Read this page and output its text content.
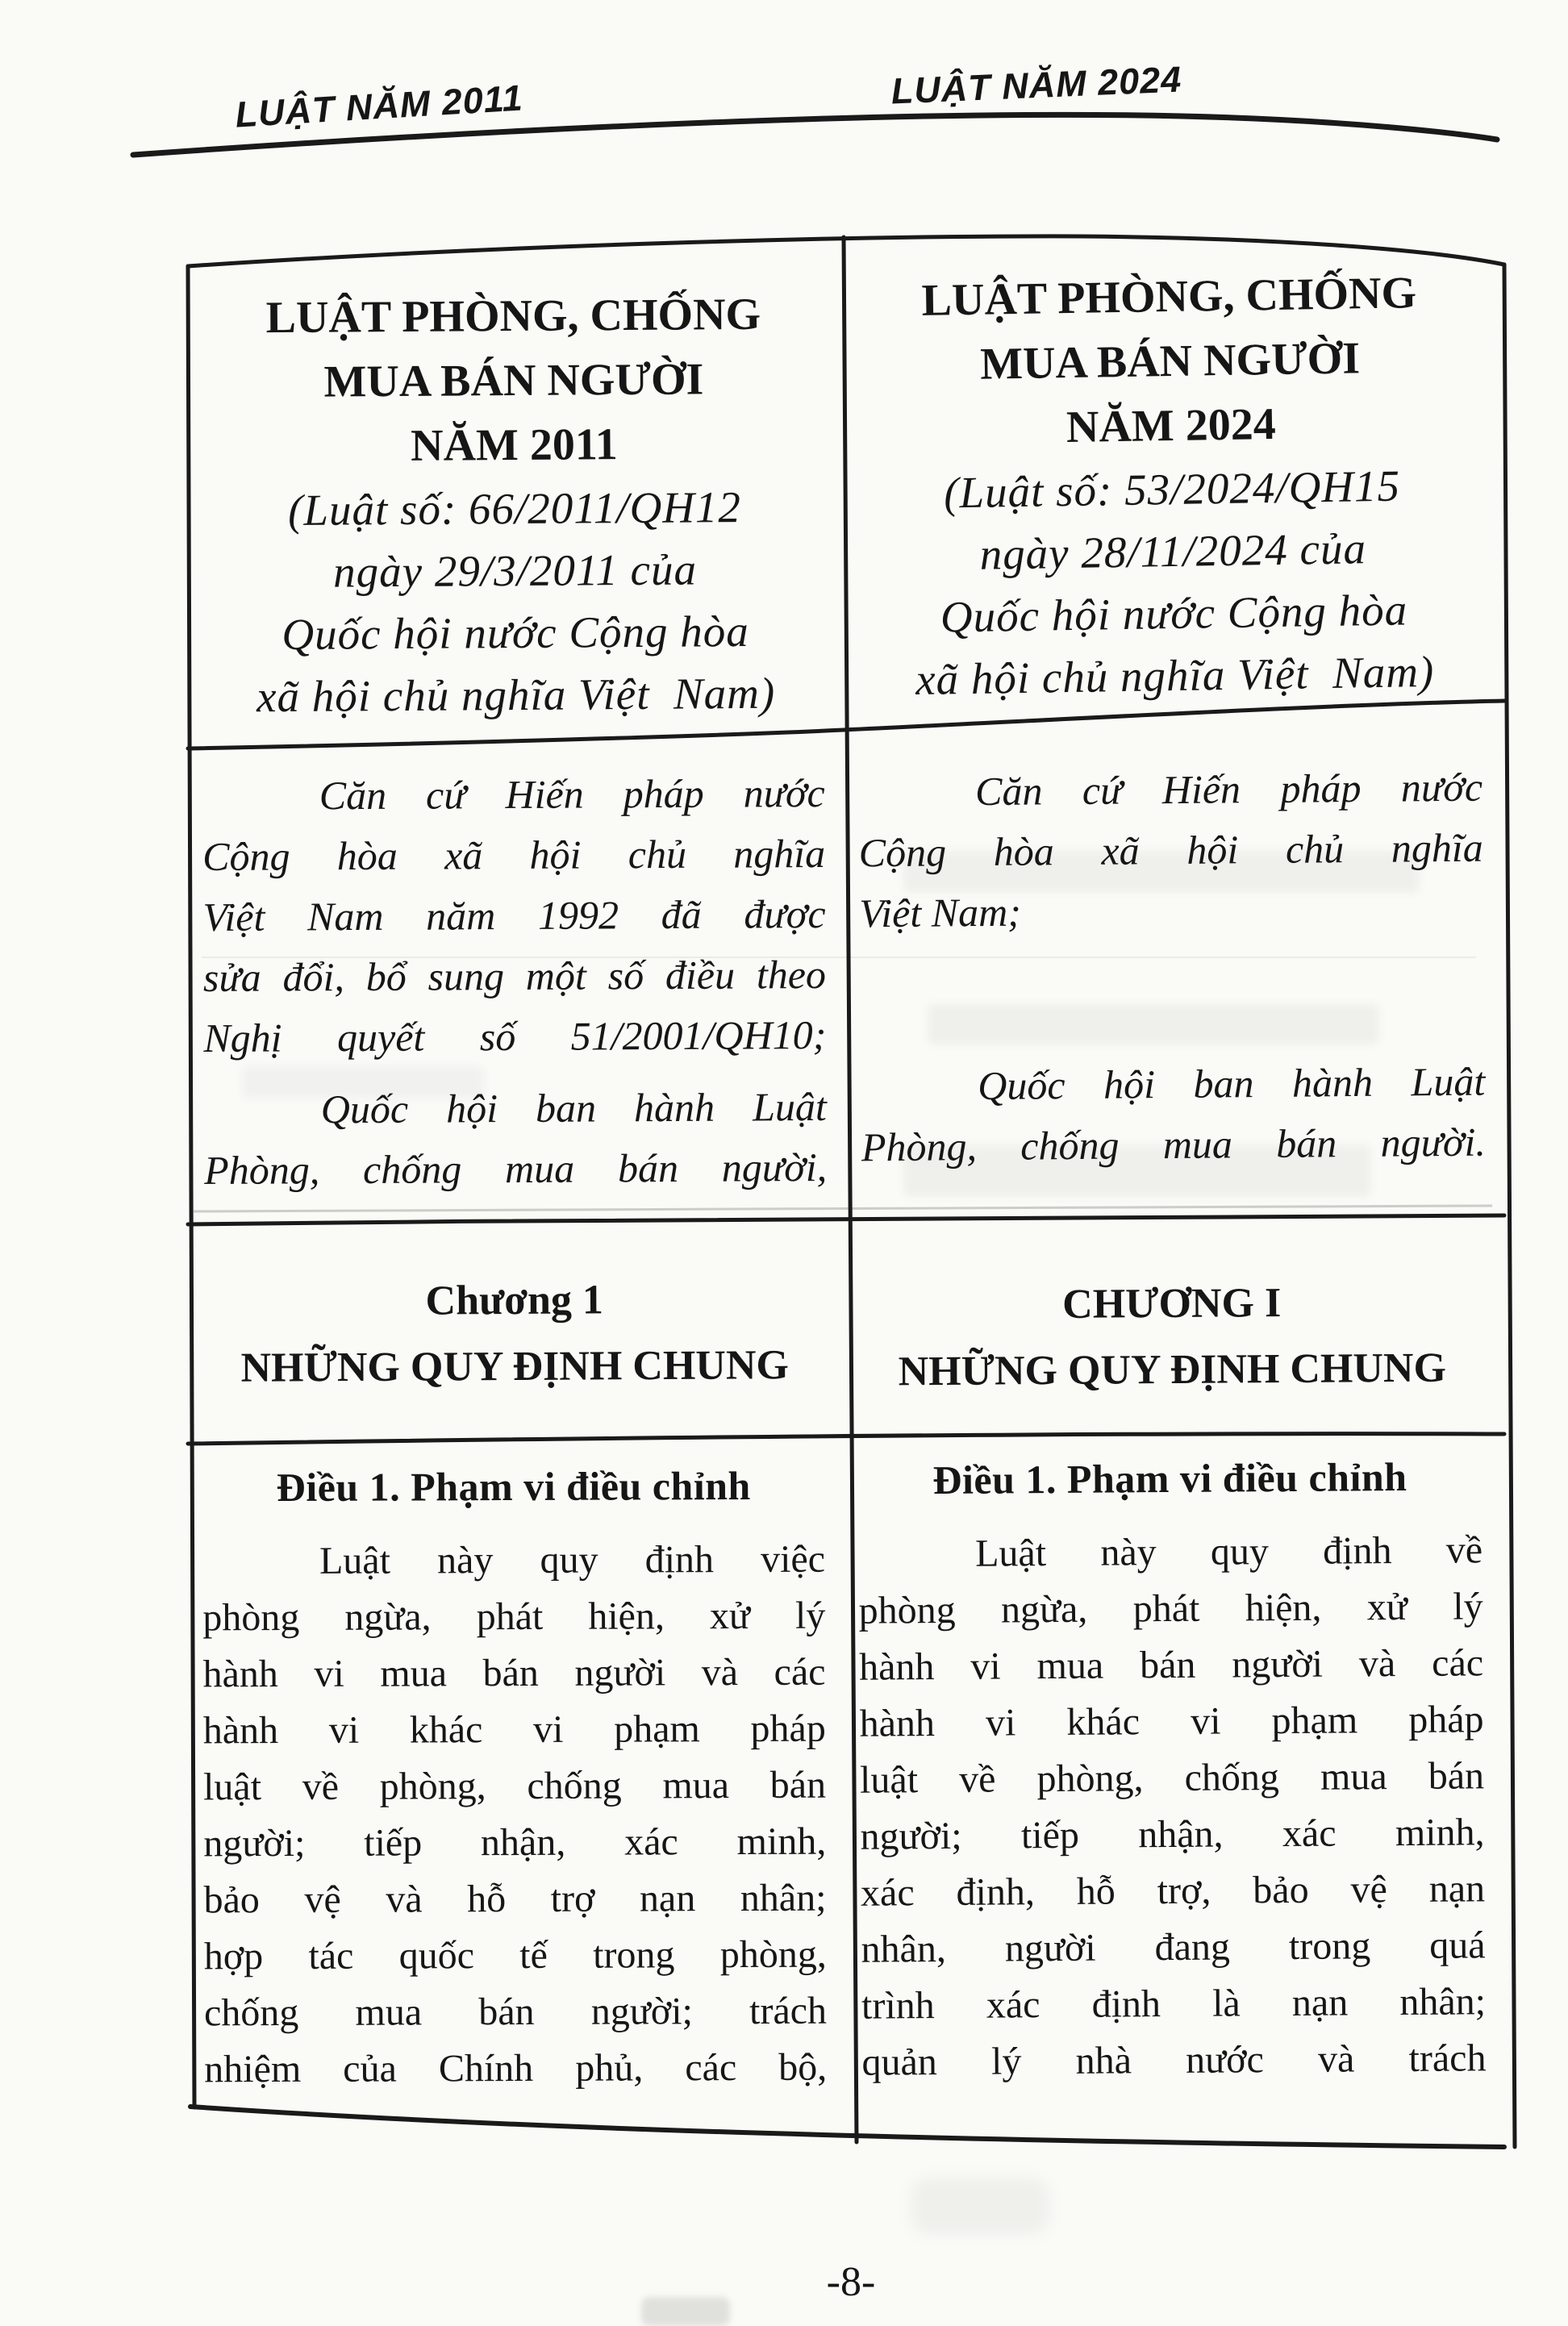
LUẬT NĂM 2011	LUẬT NĂM 2024
LUẬT PHÒNG, CHỐNG
MUA BÁN NGƯỜI
NĂM 2011
(Luật số: 66/2011/QH12
ngày 29/3/2011 của
Quốc hội nước Cộng hòa
xã hội chủ nghĩa Việt  Nam)
LUẬT PHÒNG, CHỐNG
MUA BÁN NGƯỜI
NĂM 2024
(Luật số: 53/2024/QH15
ngày 28/11/2024 của
Quốc hội nước Cộng hòa
xã hội chủ nghĩa Việt  Nam)
Căn cứ Hiến pháp nước
Cộng hòa xã hội chủ nghĩa
Việt Nam năm 1992 đã được
sửa đổi, bổ sung một số điều theo
Nghị quyết số 51/2001/QH10;
Quốc hội ban hành Luật
Phòng, chống mua bán người,
Căn cứ Hiến pháp nước
Cộng hòa xã hội chủ nghĩa
Việt Nam;
Quốc hội ban hành Luật
Phòng, chống mua bán người.
Chương 1
NHỮNG QUY ĐỊNH CHUNG
CHƯƠNG I
NHỮNG QUY ĐỊNH CHUNG
Điều 1. Phạm vi điều chỉnh
Luật này quy định việc
phòng ngừa, phát hiện, xử lý
hành vi mua bán người và các
hành vi khác vi phạm pháp
luật về phòng, chống mua bán
người; tiếp nhận, xác minh,
bảo vệ và hỗ trợ nạn nhân;
hợp tác quốc tế trong phòng,
chống mua bán người; trách
nhiệm của Chính phủ, các bộ,
Điều 1. Phạm vi điều chỉnh
Luật này quy định về
phòng ngừa, phát hiện, xử lý
hành vi mua bán người và các
hành vi khác vi phạm pháp
luật về phòng, chống mua bán
người; tiếp nhận, xác minh,
xác định, hỗ trợ, bảo vệ nạn
nhân, người đang trong quá
trình xác định là nạn nhân;
quản lý nhà nước và trách
-8-
